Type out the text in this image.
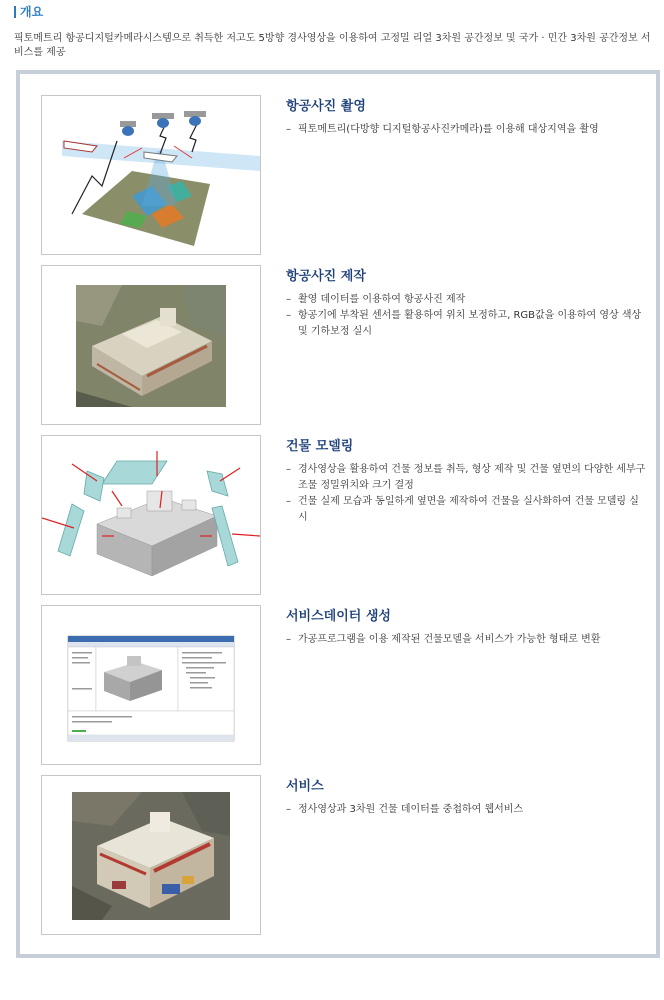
개요
픽토메트리 항공디지털카메라시스템으로 취득한 저고도 5방향 경사영상을 이용하여 고정밀 리얼 3차원 공간정보 및 국가 · 민간 3차원 공간정보 서비스를 제공
항공사진 촬영
– 픽토메트리(다방향 디지털항공사진카메라)를 이용해 대상지역을 촬영
항공사진 제작
– 촬영 데이터를 이용하여 항공사진 제작
– 항공기에 부착된 센서를 활용하여 위치 보정하고, RGB값을 이용하여 영상 색상 및 기하보정 실시
건물 모델링
– 경사영상을 활용하여 건물 정보를 취득, 형상 제작 및 건물 옆면의 다양한 세부구조물 정밀위치와 크기 결정
– 건물 실제 모습과 동일하게 옆면을 제작하여 건물을 실사화하여 건물 모델링 실시
서비스데이터 생성
– 가공프로그램을 이용 제작된 건물모델을 서비스가 가능한 형태로 변환
서비스
– 정사영상과 3차원 건물 데이터를 중첩하여 웹서비스
